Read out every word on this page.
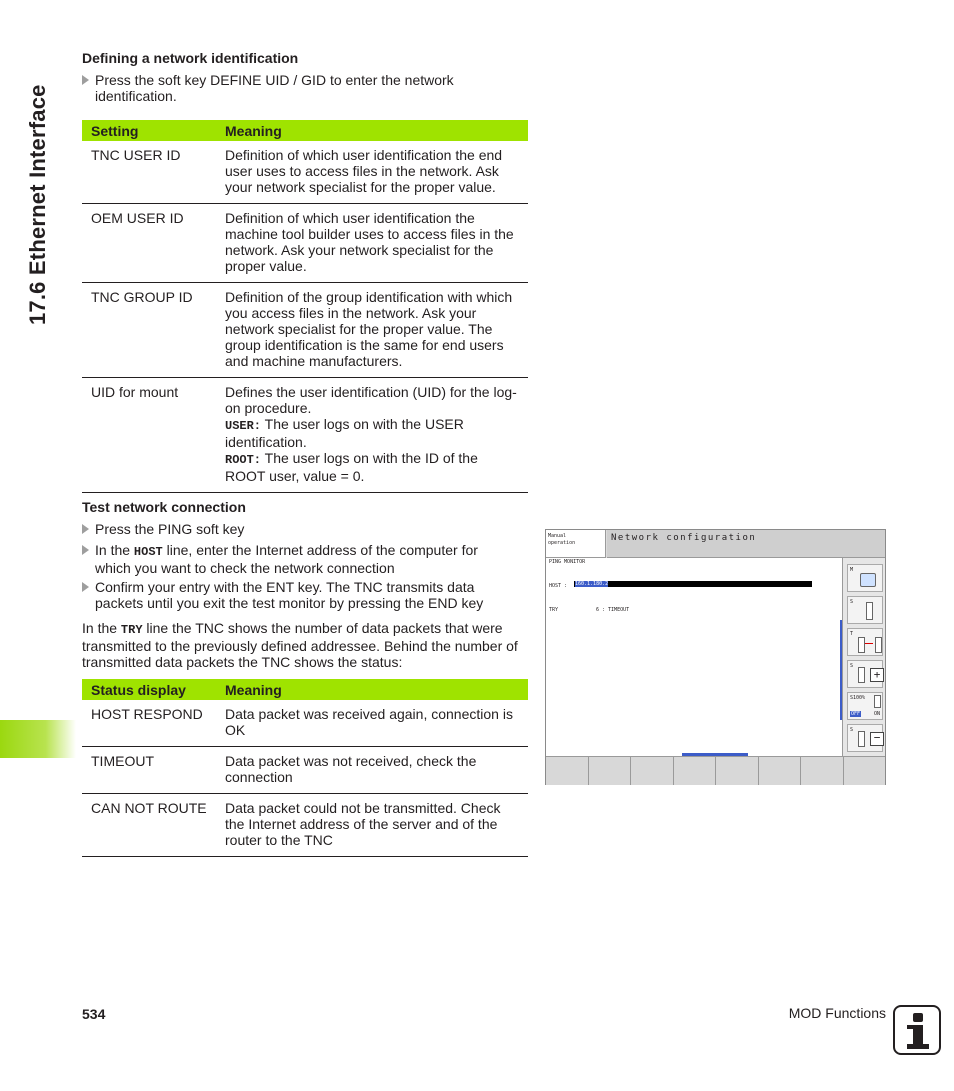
17.6 Ethernet Interface
Defining a network identification
Press the soft key DEFINE UID / GID to enter the network identification.
Setting	Meaning
TNC USER ID	Definition of which user identification the end user uses to access files in the network. Ask your network specialist for the proper value.
OEM USER ID	Definition of which user identification the machine tool builder uses to access files in the network. Ask your network specialist for the proper value.
TNC GROUP ID	Definition of the group identification with which you access files in the network. Ask your network specialist for the proper value. The group identification is the same for end users and machine manufacturers.
UID for mount	Defines the user identification (UID) for the log-on procedure.
USER: The user logs on with the USER identification.
ROOT: The user logs on with the ID of the ROOT user, value = 0.
Test network connection
Press the PING soft key
In the HOST line, enter the Internet address of the computer for which you want to check the network connection
Confirm your entry with the ENT key. The TNC transmits data packets until you exit the test monitor by pressing the END key
In the TRY line the TNC shows the number of data packets that were transmitted to the previously defined addressee. Behind the number of transmitted data packets the TNC shows the status:
Status display	Meaning
HOST RESPOND	Data packet was received again, connection is OK
TIMEOUT	Data packet was not received, check the connection
CAN NOT ROUTE	Data packet could not be transmitted. Check the Internet address of the server and of the router to the TNC
Manual
operation	Network configuration
PING MONITOR
HOST : 160.1.180.2
TRY	6 : TIMEOUT
M
S
T
S
+
S100%
OFF	ON
S
−
534	MOD Functions
